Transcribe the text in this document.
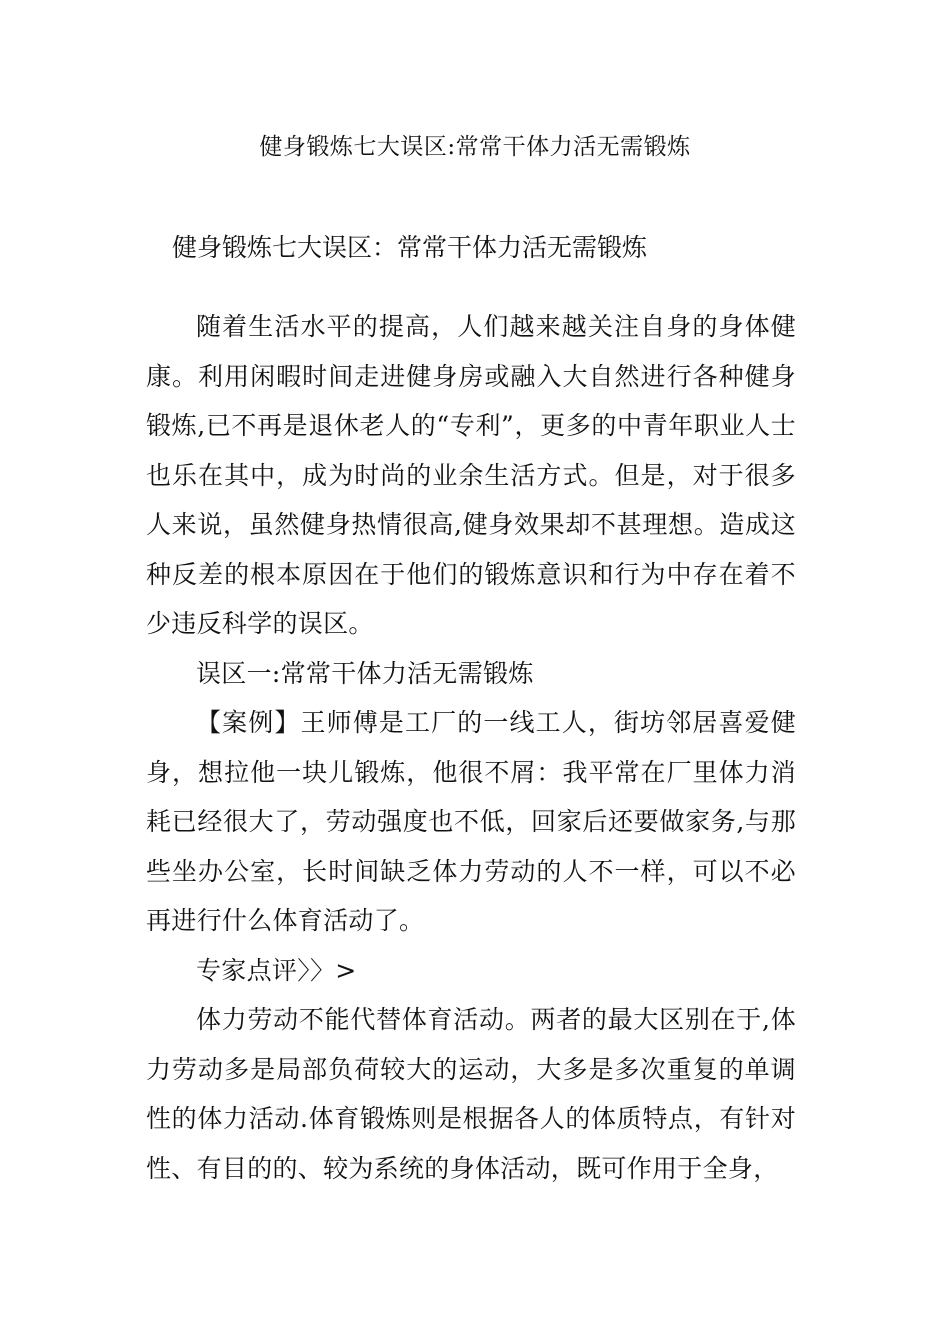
健身锻炼七大误区:常常干体力活无需锻炼
健身锻炼七大误区：常常干体力活无需锻炼

随着生活水平的提高，人们越来越关注自身的身体健康。利用闲暇时间走进健身房或融入大自然进行各种健身锻炼,已不再是退休老人的“专利”，更多的中青年职业人士也乐在其中，成为时尚的业余生活方式。但是，对于很多人来说，虽然健身热情很高,健身效果却不甚理想。造成这种反差的根本原因在于他们的锻炼意识和行为中存在着不少违反科学的误区。

误区一:常常干体力活无需锻炼

【案例】王师傅是工厂的一线工人，街坊邻居喜爱健身，想拉他一块儿锻炼，他很不屑：我平常在厂里体力消耗已经很大了，劳动强度也不低，回家后还要做家务,与那些坐办公室，长时间缺乏体力劳动的人不一样，可以不必再进行什么体育活动了。

专家点评〉〉>

体力劳动不能代替体育活动。两者的最大区别在于,体力劳动多是局部负荷较大的运动，大多是多次重复的单调性的体力活动.体育锻炼则是根据各人的体质特点，有针对性、有目的的、较为系统的身体活动，既可作用于全身，
